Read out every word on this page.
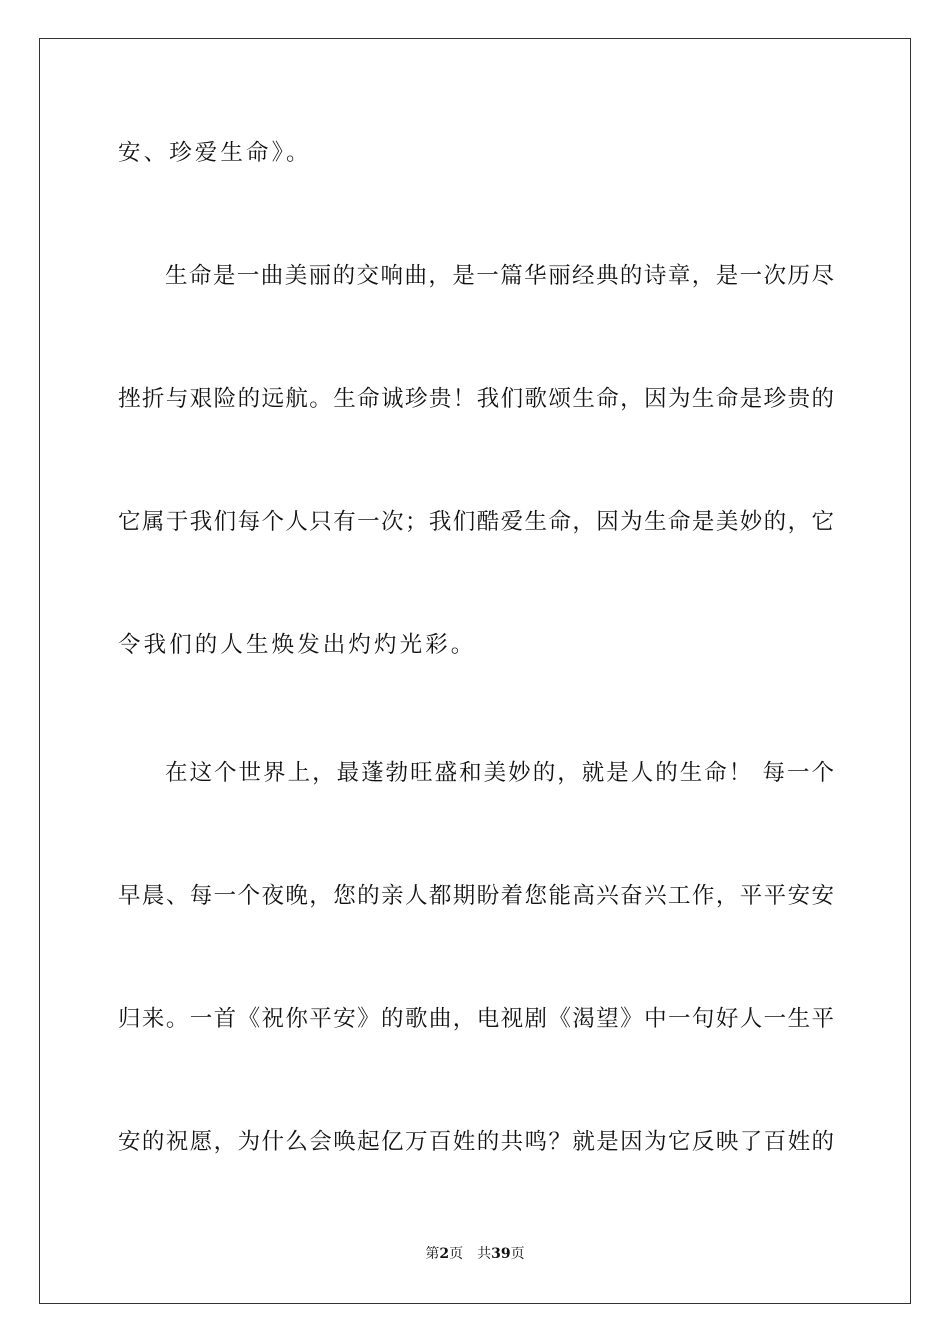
安、珍爱生命》。
生命是一曲美丽的交响曲，是一篇华丽经典的诗章，是一次历尽
挫折与艰险的远航。生命诚珍贵！我们歌颂生命，因为生命是珍贵的
它属于我们每个人只有一次；我们酷爱生命，因为生命是美妙的，它
令我们的人生焕发出灼灼光彩。
在这个世界上，最蓬勃旺盛和美妙的，就是人的生命！ 每一个
早晨、每一个夜晚，您的亲人都期盼着您能高兴奋兴工作，平平安安
归来。一首《祝你平安》的歌曲，电视剧《渴望》中一句好人一生平
安的祝愿，为什么会唤起亿万百姓的共鸣？就是因为它反映了百姓的
第2页 共39页
